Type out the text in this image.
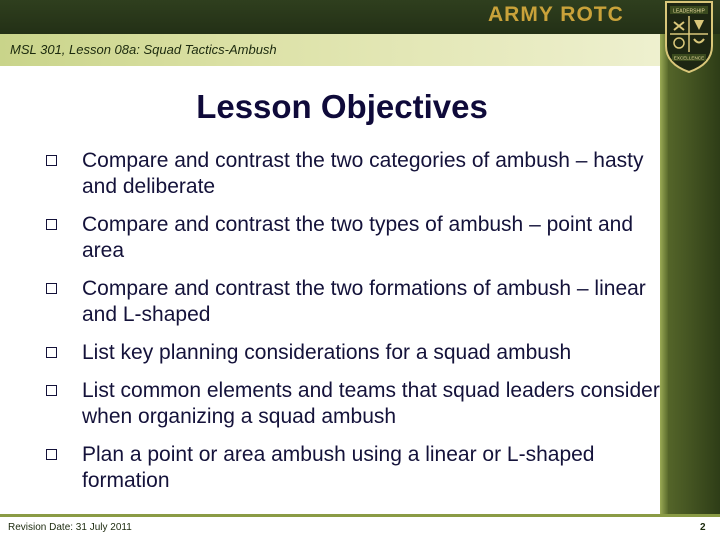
ARMY ROTC
MSL 301, Lesson 08a: Squad Tactics-Ambush
LEADERSHIP
EXCELLENCE
Lesson Objectives
Compare and contrast the two categories of ambush – hasty and deliberate
Compare and contrast the two types of ambush – point and area
Compare and contrast the two formations of ambush – linear and L-shaped
List key planning considerations for a squad ambush
List common elements and teams that squad leaders consider when organizing a squad ambush
Plan a point or area ambush using a linear or L-shaped formation
Revision Date: 31 July 2011	2
